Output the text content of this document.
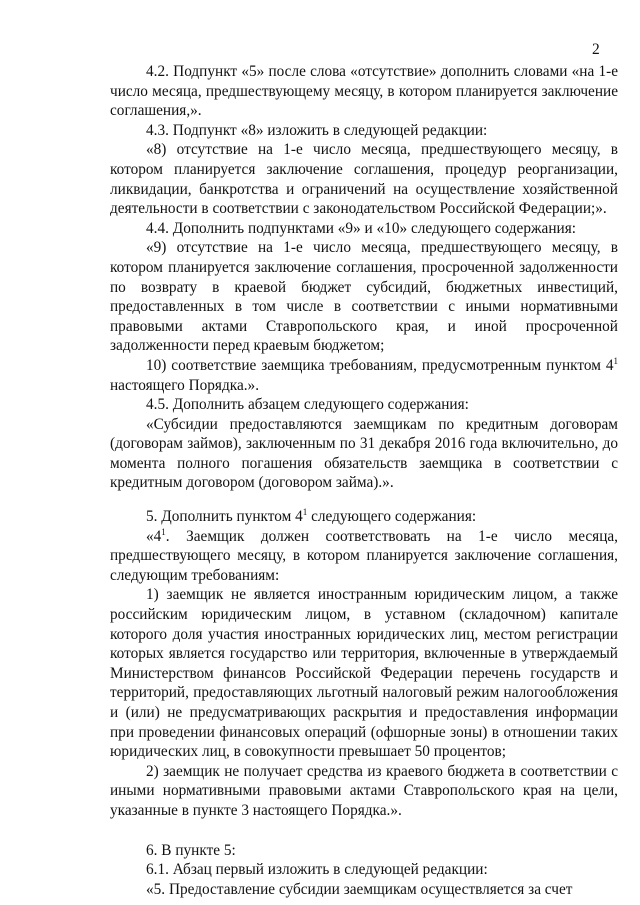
2

4.2. Подпункт «5» после слова «отсутствие» дополнить словами «на 1-е число месяца, предшествующему месяцу, в котором планируется заключение соглашения,».

4.3. Подпункт «8» изложить в следующей редакции:

«8) отсутствие на 1-е число месяца, предшествующего месяцу, в котором планируется заключение соглашения, процедур реорганизации, ликвидации, банкротства и ограничений на осуществление хозяйственной деятельности в соответствии с законодательством Российской Федерации;».

4.4. Дополнить подпунктами «9» и «10» следующего содержания:

«9) отсутствие на 1-е число месяца, предшествующего месяцу, в котором планируется заключение соглашения, просроченной задолженности по возврату в краевой бюджет субсидий, бюджетных инвестиций, предоставленных в том числе в соответствии с иными нормативными правовыми актами Ставропольского края, и иной просроченной задолженности перед краевым бюджетом;

10) соответствие заемщика требованиям, предусмотренным пунктом $4^1$ настоящего Порядка.».

4.5. Дополнить абзацем следующего содержания:

«Субсидии предоставляются заемщикам по кредитным договорам (договорам займов), заключенным по 31 декабря 2016 года включительно, до момента полного погашения обязательств заемщика в соответствии с кредитным договором (договором займа).».

5. Дополнить пунктом $4^1$ следующего содержания:

«$4^1$. Заемщик должен соответствовать на 1-е число месяца, предшествующего месяцу, в котором планируется заключение соглашения, следующим требованиям:

1) заемщик не является иностранным юридическим лицом, а также российским юридическим лицом, в уставном (складочном) капитале которого доля участия иностранных юридических лиц, местом регистрации которых является государство или территория, включенные в утверждаемый Министерством финансов Российской Федерации перечень государств и территорий, предоставляющих льготный налоговый режим налогообложения и (или) не предусматривающих раскрытия и предоставления информации при проведении финансовых операций (офшорные зоны) в отношении таких юридических лиц, в совокупности превышает 50 процентов;

2) заемщик не получает средства из краевого бюджета в соответствии с иными нормативными правовыми актами Ставропольского края на цели, указанные в пункте 3 настоящего Порядка.».

6. В пункте 5:

6.1. Абзац первый изложить в следующей редакции:

«5. Предоставление субсидии заемщикам осуществляется за счет
